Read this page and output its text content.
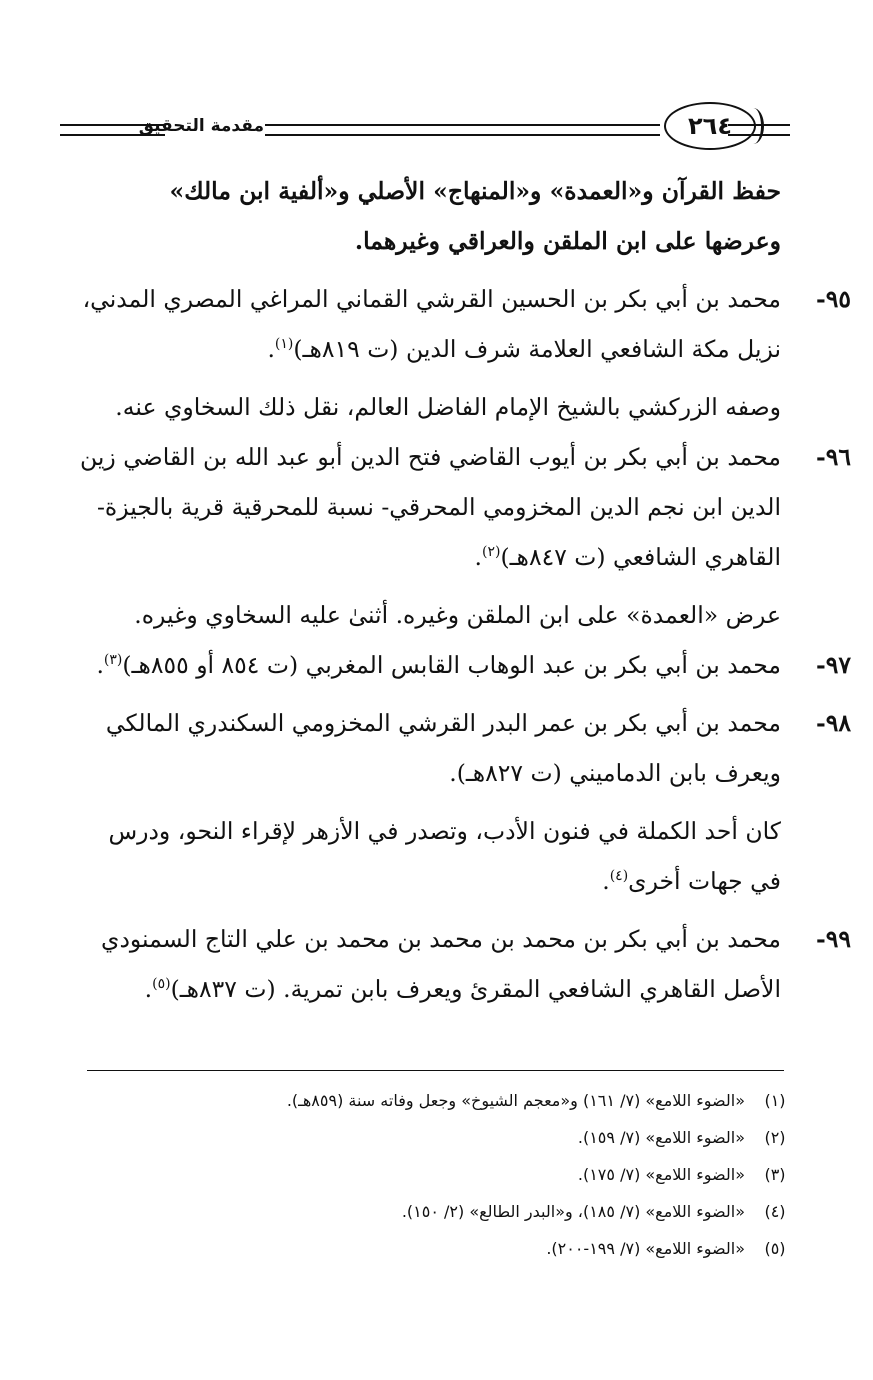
مقدمة التحقيق	٢٦٤

حفظ القرآن و«العمدة» و«المنهاج» الأصلي و«ألفية ابن مالك»

وعرضها على ابن الملقن والعراقي وغيرهما.

٩٥-

محمد بن أبي بكر بن الحسين القرشي القماني المراغي المصري المدني، نزيل مكة الشافعي العلامة شرف الدين (ت ٨١٩هـ)$^{(١)}$.

وصفه الزركشي بالشيخ الإمام الفاضل العالم، نقل ذلك السخاوي عنه.

٩٦-

محمد بن أبي بكر بن أيوب القاضي فتح الدين أبو عبد الله بن القاضي زين الدين ابن نجم الدين المخزومي المحرقي- نسبة للمحرقية قرية بالجيزة- القاهري الشافعي (ت ٨٤٧هـ)$^{(٢)}$.

عرض «العمدة» على ابن الملقن وغيره. أثنىٰ عليه السخاوي وغيره.

٩٧-

محمد بن أبي بكر بن عبد الوهاب القابس المغربي (ت ٨٥٤ أو ٨٥٥هـ)$^{(٣)}$.

٩٨-

محمد بن أبي بكر بن عمر البدر القرشي المخزومي السكندري المالكي ويعرف بابن الدماميني (ت ٨٢٧هـ).

كان أحد الكملة في فنون الأدب، وتصدر في الأزهر لإقراء النحو، ودرس في جهات أخرى$^{(٤)}$.

٩٩-

محمد بن أبي بكر بن محمد بن محمد بن محمد بن علي التاج السمنودي الأصل القاهري الشافعي المقرئ ويعرف بابن تمرية. (ت ٨٣٧هـ)$^{(٥)}$.

(١)
«الضوء اللامع» (٧/ ١٦١) و«معجم الشيوخ» وجعل وفاته سنة (٨٥٩هـ).
(٢)
«الضوء اللامع» (٧/ ١٥٩).
(٣)
«الضوء اللامع» (٧/ ١٧٥).
(٤)
«الضوء اللامع» (٧/ ١٨٥)، و«البدر الطالع» (٢/ ١٥٠).
(٥)
«الضوء اللامع» (٧/ ١٩٩-٢٠٠).
